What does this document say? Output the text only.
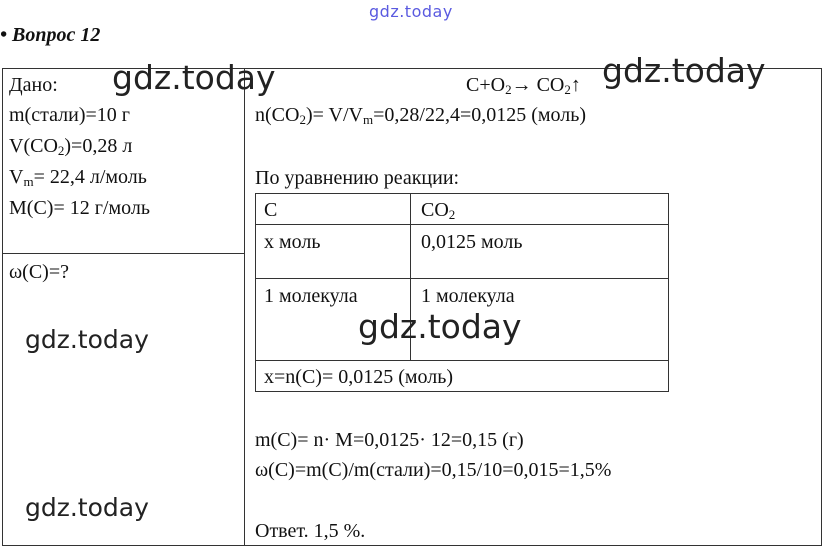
gdz.today
• Вопрос 12
Дано:
m(стали)=10 г
$V(CO_2)=0,28$ л
$V_m= 22,4$ л/моль
M(C)= 12 г/моль
ω(C)=?
$C+O_2\to$ $CO_2↑$
$n(CO_2)= V/V_m=0,28/22,4=0,0125$ (моль)
По уравнению реакции:
C	$CO_2$
x моль	0,0125 моль
1 молекула	1 молекула
x=n(C)= 0,0125 (моль)
m(C)= n· M=0,0125· 12=0,15 (г)
ω(C)=m(C)/m(стали)=0,15/10=0,015=1,5%
Ответ. 1,5 %.
gdz.today	gdz.today
gdz.today
gdz.today
gdz.today
